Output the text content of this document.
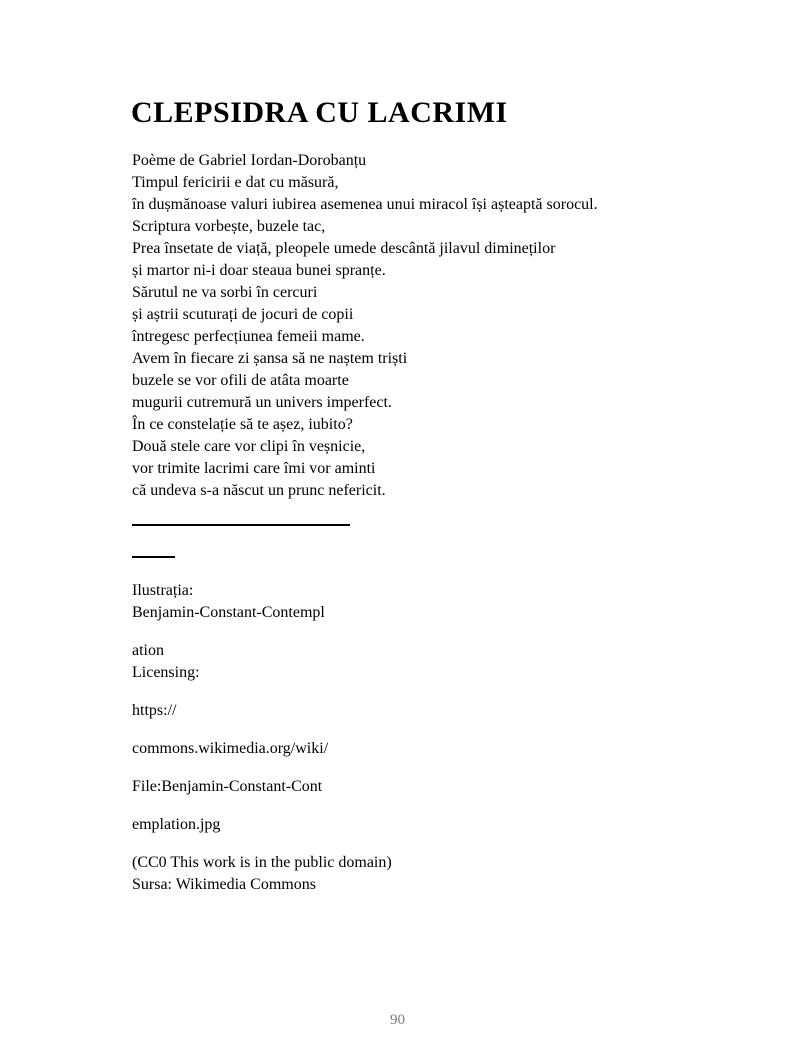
CLEPSIDRA CU LACRIMI
Poème de Gabriel Iordan-Dorobanțu
Timpul fericirii e dat cu măsură,
în dușmănoase valuri iubirea asemenea unui miracol își așteaptă sorocul.
Scriptura vorbește, buzele tac,
Prea însetate de viață, pleopele umede descântă jilavul dimineților
și martor ni-i doar steaua bunei spranțe.
Sărutul ne va sorbi în cercuri
și aștrii scuturați de jocuri de copii
întregesc perfecțiunea femeii mame.
Avem în fiecare zi șansa să ne naștem triști
buzele se vor ofili de atâta moarte
mugurii cutremură un univers imperfect.
În ce constelație să te așez, iubito?
Două stele care vor clipi în veșnicie,
vor trimite lacrimi care îmi vor aminti
că undeva s-a născut un prunc nefericit.

Ilustrația:
Benjamin-Constant-Contempl

ation
Licensing:

https://

commons.wikimedia.org/wiki/

File:Benjamin-Constant-Cont

emplation.jpg

(CC0 This work is in the public domain)
Sursa: Wikimedia Commons

90
